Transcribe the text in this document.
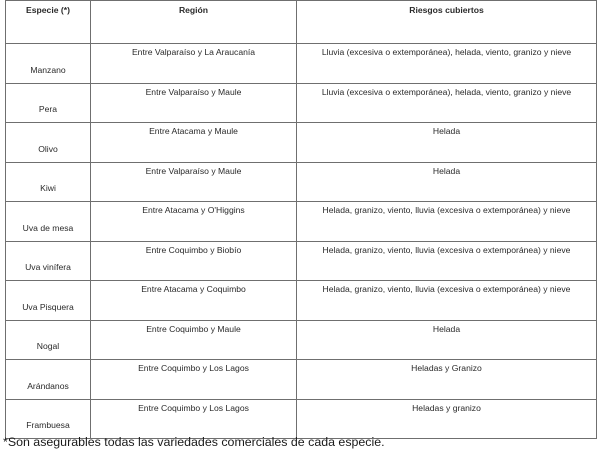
Especie (*)	Región	Riesgos cubiertos
Manzano	Entre Valparaíso y La Araucanía	Lluvia (excesiva o extemporánea), helada, viento, granizo y nieve
Pera	Entre Valparaíso y Maule	Lluvia (excesiva o extemporánea), helada, viento, granizo y nieve
Olivo	Entre Atacama y Maule	Helada
Kiwi	Entre Valparaíso y Maule	Helada
Uva de mesa	Entre Atacama y O'Higgins	Helada, granizo, viento, lluvia (excesiva o extemporánea) y nieve
Uva vinífera	Entre Coquimbo y Biobío	Helada, granizo, viento, lluvia (excesiva o extemporánea) y nieve
Uva Pisquera	Entre Atacama y Coquimbo	Helada, granizo, viento, lluvia (excesiva o extemporánea) y nieve
Nogal	Entre Coquimbo y Maule	Helada
Arándanos	Entre Coquimbo y Los Lagos	Heladas y Granizo
Frambuesa	Entre Coquimbo y Los Lagos	Heladas y granizo
*Son asegurables todas las variedades comerciales de cada especie.
